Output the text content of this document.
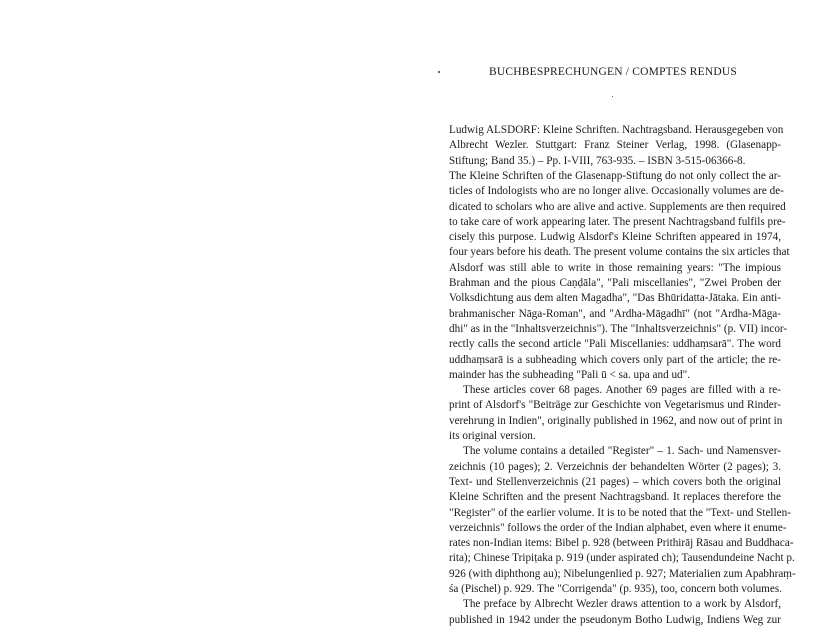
BUCHBESPRECHUNGEN / COMPTES RENDUS
Ludwig ALSDORF: Kleine Schriften. Nachtragsband. Herausgegeben von
Albrecht Wezler. Stuttgart: Franz Steiner Verlag, 1998. (Glasenapp-
Stiftung; Band 35.) – Pp. I-VIII, 763-935. – ISBN 3-515-06366-8.
The Kleine Schriften of the Glasenapp-Stiftung do not only collect the ar-
ticles of Indologists who are no longer alive. Occasionally volumes are de-
dicated to scholars who are alive and active. Supplements are then required
to take care of work appearing later. The present Nachtragsband fulfils pre-
cisely this purpose. Ludwig Alsdorf's Kleine Schriften appeared in 1974,
four years before his death. The present volume contains the six articles that
Alsdorf was still able to write in those remaining years: "The impious
Brahman and the pious Caṇḍāla", "Pali miscellanies", "Zwei Proben der
Volksdichtung aus dem alten Magadha", "Das Bhūridatta-Jātaka. Ein anti-
brahmanischer Nāga-Roman", and "Ardha-Māgadhī" (not "Ardha-Māga-
dhi" as in the "Inhaltsverzeichnis"). The "Inhaltsverzeichnis" (p. VII) incor-
rectly calls the second article "Pali Miscellanies: uddhaṃsarā". The word
uddhaṃsarā is a subheading which covers only part of the article; the re-
mainder has the subheading "Pali ū < sa. upa and ud".
These articles cover 68 pages. Another 69 pages are filled with a re-
print of Alsdorf's "Beiträge zur Geschichte von Vegetarismus und Rinder-
verehrung in Indien", originally published in 1962, and now out of print in
its original version.
The volume contains a detailed "Register" – 1. Sach- und Namensver-
zeichnis (10 pages); 2. Verzeichnis der behandelten Wörter (2 pages); 3.
Text- und Stellenverzeichnis (21 pages) – which covers both the original
Kleine Schriften and the present Nachtragsband. It replaces therefore the
"Register" of the earlier volume. It is to be noted that the "Text- und Stellen-
verzeichnis" follows the order of the Indian alphabet, even where it enume-
rates non-Indian items: Bibel p. 928 (between Prithirāj Rāsau and Buddhaca-
rita); Chinese Tripiṭaka p. 919 (under aspirated ch); Tausendundeine Nacht p.
926 (with diphthong au); Nibelungenlied p. 927; Materialien zum Apabhraṃ-
śa (Pischel) p. 929. The "Corrigenda" (p. 935), too, concern both volumes.
The preface by Albrecht Wezler draws attention to a work by Alsdorf,
published in 1942 under the pseudonym Botho Ludwig, Indiens Weg zur
